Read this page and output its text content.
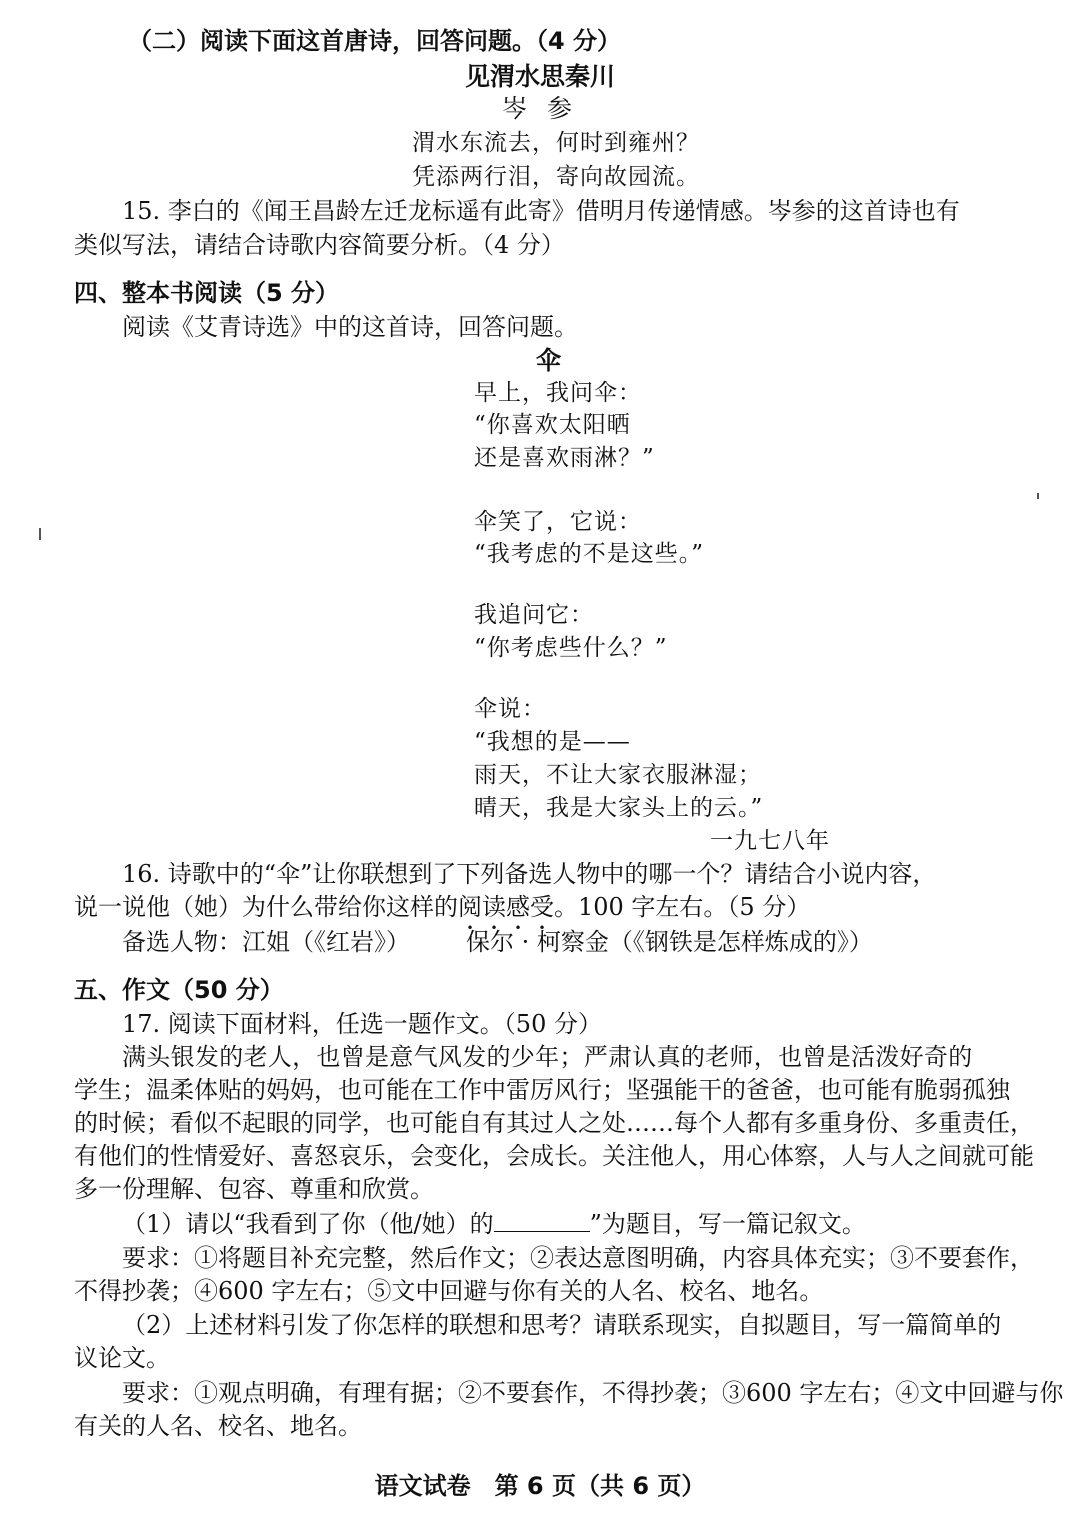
（二）阅读下面这首唐诗，回答问题。（4 分）
见渭水思秦川
岑 参
渭水东流去，何时到雍州？
凭添两行泪，寄向故园流。
15. 李白的《闻王昌龄左迁龙标遥有此寄》借明月传递情感。岑参的这首诗也有
类似写法，请结合诗歌内容简要分析。（4 分）
四、整本书阅读（5 分）
阅读《艾青诗选》中的这首诗，回答问题。
伞
早上，我问伞：
“你喜欢太阳晒
还是喜欢雨淋？”
伞笑了，它说：
“我考虑的不是这些。”
我追问它：
“你考虑些什么？”
伞说：
“我想的是——
雨天，不让大家衣服淋湿；
晴天，我是大家头上的云。”
一九七八年
16. 诗歌中的“伞”让你联想到了下列备选人物中的哪一个？请结合小说内容，
说一说他（她）为什么带给你这样的阅读感受。100 字左右。（5 分）
备选人物：江姐（《红岩》） 保尔 · 柯察金（《钢铁是怎样炼成的》）
五、作文（50 分）
17. 阅读下面材料，任选一题作文。（50 分）
满头银发的老人，也曾是意气风发的少年；严肃认真的老师，也曾是活泼好奇的
学生；温柔体贴的妈妈，也可能在工作中雷厉风行；坚强能干的爸爸，也可能有脆弱孤独
的时候；看似不起眼的同学，也可能自有其过人之处……每个人都有多重身份、多重责任，
有他们的性情爱好、喜怒哀乐，会变化，会成长。关注他人，用心体察，人与人之间就可能
多一份理解、包容、尊重和欣赏。
（1）请以“我看到了你（他/她）的	”为题目，写一篇记叙文。
要求：①将题目补充完整，然后作文；②表达意图明确，内容具体充实；③不要套作，
不得抄袭；④600 字左右；⑤文中回避与你有关的人名、校名、地名。
（2）上述材料引发了你怎样的联想和思考？请联系现实，自拟题目，写一篇简单的
议论文。
要求：①观点明确，有理有据；②不要套作，不得抄袭；③600 字左右；④文中回避与你
有关的人名、校名、地名。
语文试卷　第 6 页（共 6 页）
